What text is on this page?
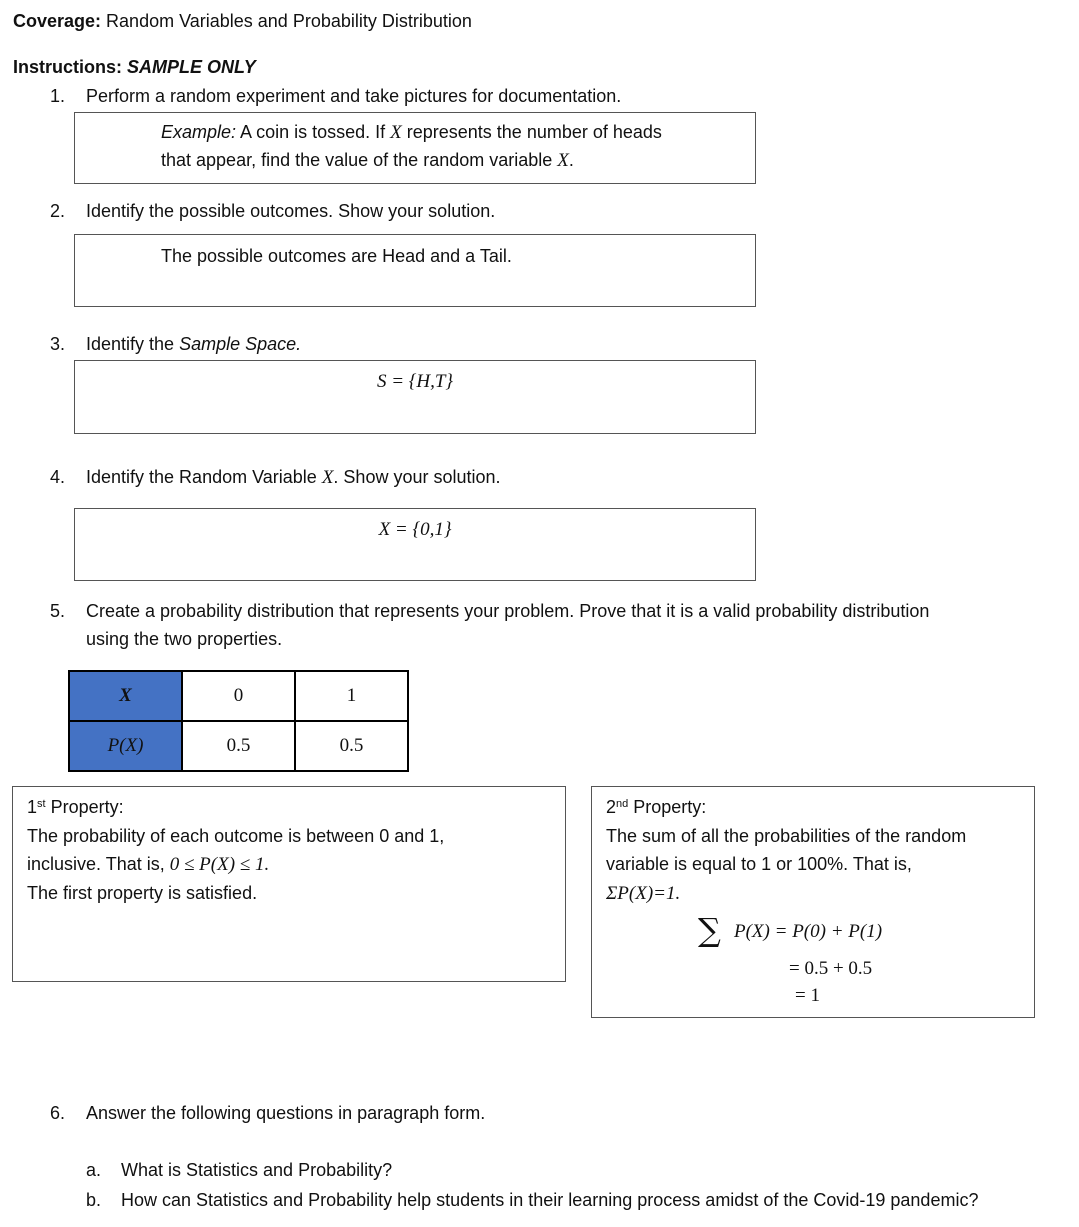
Coverage: Random Variables and Probability Distribution
Instructions: SAMPLE ONLY
1. Perform a random experiment and take pictures for documentation.
Example: A coin is tossed. If X represents the number of heads
that appear, find the value of the random variable X.
2. Identify the possible outcomes. Show your solution.
The possible outcomes are Head and a Tail.
3. Identify the Sample Space.
S = {H,T}
4. Identify the Random Variable X. Show your solution.
X = {0,1}
5. Create a probability distribution that represents your problem. Prove that it is a valid probability distribution
using the two properties.
X	0	1
P(X)	0.5	0.5
1st Property:
The probability of each outcome is between 0 and 1,
inclusive. That is, 0 ≤ P(X) ≤ 1.
The first property is satisfied.
2nd Property:
The sum of all the probabilities of the random
variable is equal to 1 or 100%. That is,
ΣP(X)=1.
∑ P(X) = P(0) + P(1)
= 0.5 + 0.5
= 1
6. Answer the following questions in paragraph form.
a. What is Statistics and Probability?
b. How can Statistics and Probability help students in their learning process amidst of the Covid-19 pandemic?
